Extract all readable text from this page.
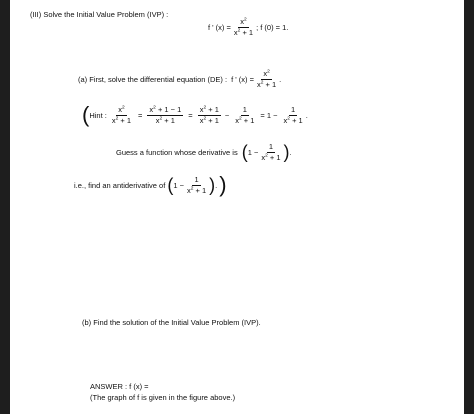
(III) Solve the Initial Value Problem (IVP) :
f ' $(x) = \frac{x^2}{x^2 + 1}$ ; f (0) = 1.
(a) First, solve the differential equation (DE) : f ' $(x) = \frac{x^2}{x^2 + 1}$ .
( Hint : $\frac{x^2}{x^2 + 1} = \frac{x^2 + 1 - 1}{x^2 + 1} = \frac{x^2 + 1}{x^2 + 1} - \frac{1}{x^2 + 1} = 1 - \frac{1}{x^2 + 1}$ .
Guess a function whose derivative is ( $1 - \frac{1}{x^2 + 1}$ ) .
i.e., find an antiderivative of ( $1 - \frac{1}{x^2 + 1}$ ) . )
(b) Find the solution of the Initial Value Problem (IVP).
ANSWER : f (x) =
(The graph of f is given in the figure above.)
